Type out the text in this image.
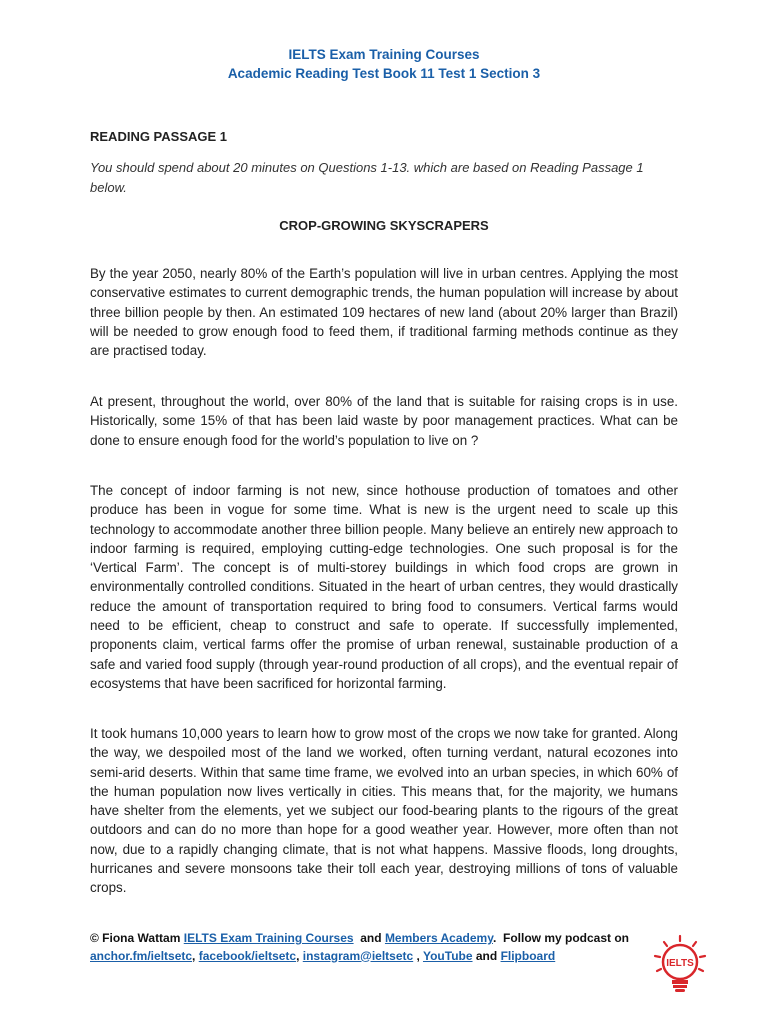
IELTS Exam Training Courses
Academic Reading Test Book 11 Test 1 Section 3
READING PASSAGE 1
You should spend about 20 minutes on Questions 1-13. which are based on Reading Passage 1 below.
CROP-GROWING SKYSCRAPERS

By the year 2050, nearly 80% of the Earth’s population will live in urban centres. Applying the most conservative estimates to current demographic trends, the human population will increase by about three billion people by then. An estimated 109 hectares of new land (about 20% larger than Brazil) will be needed to grow enough food to feed them, if traditional farming methods continue as they are practised today.

At present, throughout the world, over 80% of the land that is suitable for raising crops is in use. Historically, some 15% of that has been laid waste by poor management practices. What can be done to ensure enough food for the world’s population to live on ?

The concept of indoor farming is not new, since hothouse production of tomatoes and other produce has been in vogue for some time. What is new is the urgent need to scale up this technology to accommodate another three billion people. Many believe an entirely new approach to indoor farming is required, employing cutting-edge technologies. One such proposal is for the ‘Vertical Farm’. The concept is of multi-storey buildings in which food crops are grown in environmentally controlled conditions. Situated in the heart of urban centres, they would drastically reduce the amount of transportation required to bring food to consumers. Vertical farms would need to be efficient, cheap to construct and safe to operate. If successfully implemented, proponents claim, vertical farms offer the promise of urban renewal, sustainable production of a safe and varied food supply (through year-round production of all crops), and the eventual repair of ecosystems that have been sacrificed for horizontal farming.

It took humans 10,000 years to learn how to grow most of the crops we now take for granted. Along the way, we despoiled most of the land we worked, often turning verdant, natural ecozones into semi-arid deserts. Within that same time frame, we evolved into an urban species, in which 60% of the human population now lives vertically in cities. This means that, for the majority, we humans have shelter from the elements, yet we subject our food-bearing plants to the rigours of the great outdoors and can do no more than hope for a good weather year. However, more often than not now, due to a rapidly changing climate, that is not what happens. Massive floods, long droughts, hurricanes and severe monsoons take their toll each year, destroying millions of tons of valuable crops.

© Fiona Wattam IELTS Exam Training Courses and Members Academy.  Follow my podcast on
anchor.fm/ieltsetc, facebook/ieltsetc, instagram@ieltsetc , YouTube and Flipboard
IELTS
